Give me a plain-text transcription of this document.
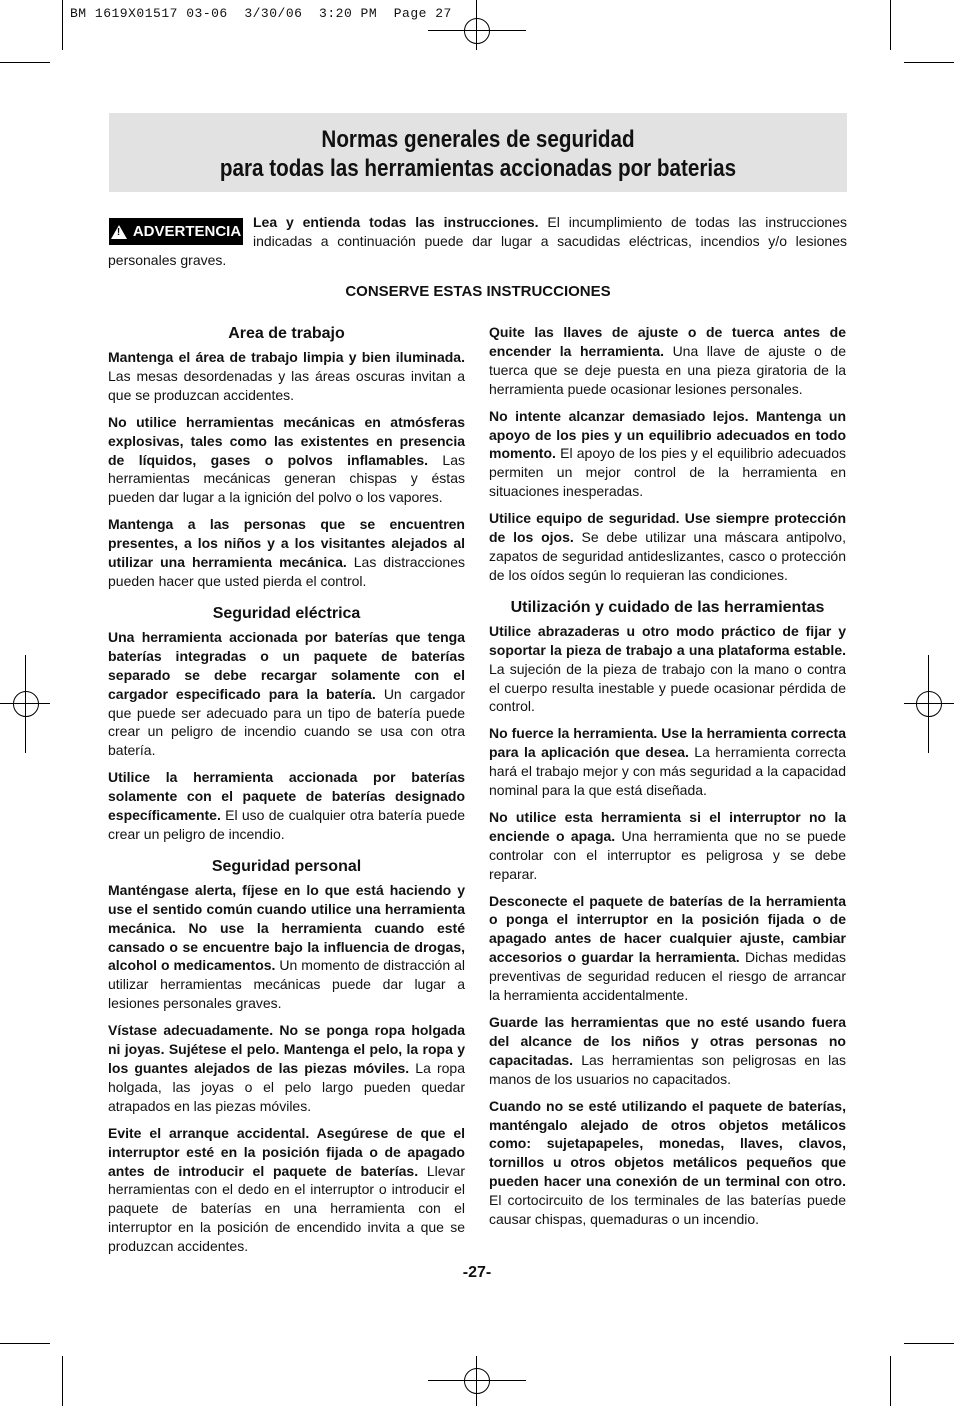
BM 1619X01517 03-06  3/30/06  3:20 PM  Page 27
Normas generales de seguridad
para todas las herramientas accionadas por baterias
Lea y entienda todas las instrucciones. El incumplimiento de todas las instrucciones indicadas a continuación puede dar lugar a sacudidas eléctricas, incendios y/o lesiones personales graves.
! ADVERTENCIA
CONSERVE ESTAS INSTRUCCIONES
Area de trabajo

Mantenga el área de trabajo limpia y bien iluminada. Las mesas desordenadas y las áreas oscuras invitan a que se produzcan accidentes.

No utilice herramientas mecánicas en atmósferas explosivas, tales como las existentes en presencia de líquidos, gases o polvos inflamables. Las herramientas mecánicas generan chispas y éstas pueden dar lugar a la ignición del polvo o los vapores.

Mantenga a las personas que se encuentren presentes, a los niños y a los visitantes alejados al utilizar una herramienta mecánica. Las distracciones pueden hacer que usted pierda el control.

Seguridad eléctrica

Una herramienta accionada por baterías que tenga baterías integradas o un paquete de baterías separado se debe recargar solamente con el cargador especificado para la batería. Un cargador que puede ser adecuado para un tipo de batería puede crear un peligro de incendio cuando se usa con otra batería.

Utilice la herramienta accionada por baterías solamente con el paquete de baterías designado específicamente. El uso de cualquier otra batería puede crear un peligro de incendio.

Seguridad personal

Manténgase alerta, fíjese en lo que está haciendo y use el sentido común cuando utilice una herramienta mecánica. No use la herramienta cuando esté cansado o se encuentre bajo la influencia de drogas, alcohol o medicamentos. Un momento de distracción al utilizar herramientas mecánicas puede dar lugar a lesiones personales graves.

Vístase adecuadamente. No se ponga ropa holgada ni joyas. Sujétese el pelo. Mantenga el pelo, la ropa y los guantes alejados de las piezas móviles. La ropa holgada, las joyas o el pelo largo pueden quedar atrapados en las piezas móviles.

Evite el arranque accidental. Asegúrese de que el interruptor esté en la posición fijada o de apagado antes de introducir el paquete de baterías. Llevar herramientas con el dedo en el interruptor o introducir el paquete de baterías en una herramienta con el interruptor en la posición de encendido invita a que se produzcan accidentes.

Quite las llaves de ajuste o de tuerca antes de encender la herramienta. Una llave de ajuste o de tuerca que se deje puesta en una pieza giratoria de la herramienta puede ocasionar lesiones personales.

No intente alcanzar demasiado lejos. Mantenga un apoyo de los pies y un equilibrio adecuados en todo momento. El apoyo de los pies y el equilibrio adecuados permiten un mejor control de la herramienta en situaciones inesperadas.

Utilice equipo de seguridad. Use siempre protección de los ojos. Se debe utilizar una máscara antipolvo, zapatos de seguridad antideslizantes, casco o protección de los oídos según lo requieran las condiciones.

Utilización y cuidado de las herramientas

Utilice abrazaderas u otro modo práctico de fijar y soportar la pieza de trabajo a una plataforma estable. La sujeción de la pieza de trabajo con la mano o contra el cuerpo resulta inestable y puede ocasionar pérdida de control.

No fuerce la herramienta. Use la herramienta correcta para la aplicación que desea. La herramienta correcta hará el trabajo mejor y con más seguridad a la capacidad nominal para la que está diseñada.

No utilice esta herramienta si el interruptor no la enciende o apaga. Una herramienta que no se puede controlar con el interruptor es peligrosa y se debe reparar.

Desconecte el paquete de baterías de la herramienta o ponga el interruptor en la posición fijada o de apagado antes de hacer cualquier ajuste, cambiar accesorios o guardar la herramienta. Dichas medidas preventivas de seguridad reducen el riesgo de arrancar la herramienta accidentalmente.

Guarde las herramientas que no esté usando fuera del alcance de los niños y otras personas no capacitadas. Las herramientas son peligrosas en las manos de los usuarios no capacitados.

Cuando no se esté utilizando el paquete de baterías, manténgalo alejado de otros objetos metálicos como: sujetapapeles, monedas, llaves, clavos, tornillos u otros objetos metálicos pequeños que pueden hacer una conexión de un terminal con otro. El cortocircuito de los terminales de las baterías puede causar chispas, quemaduras o un incendio.

-27-
